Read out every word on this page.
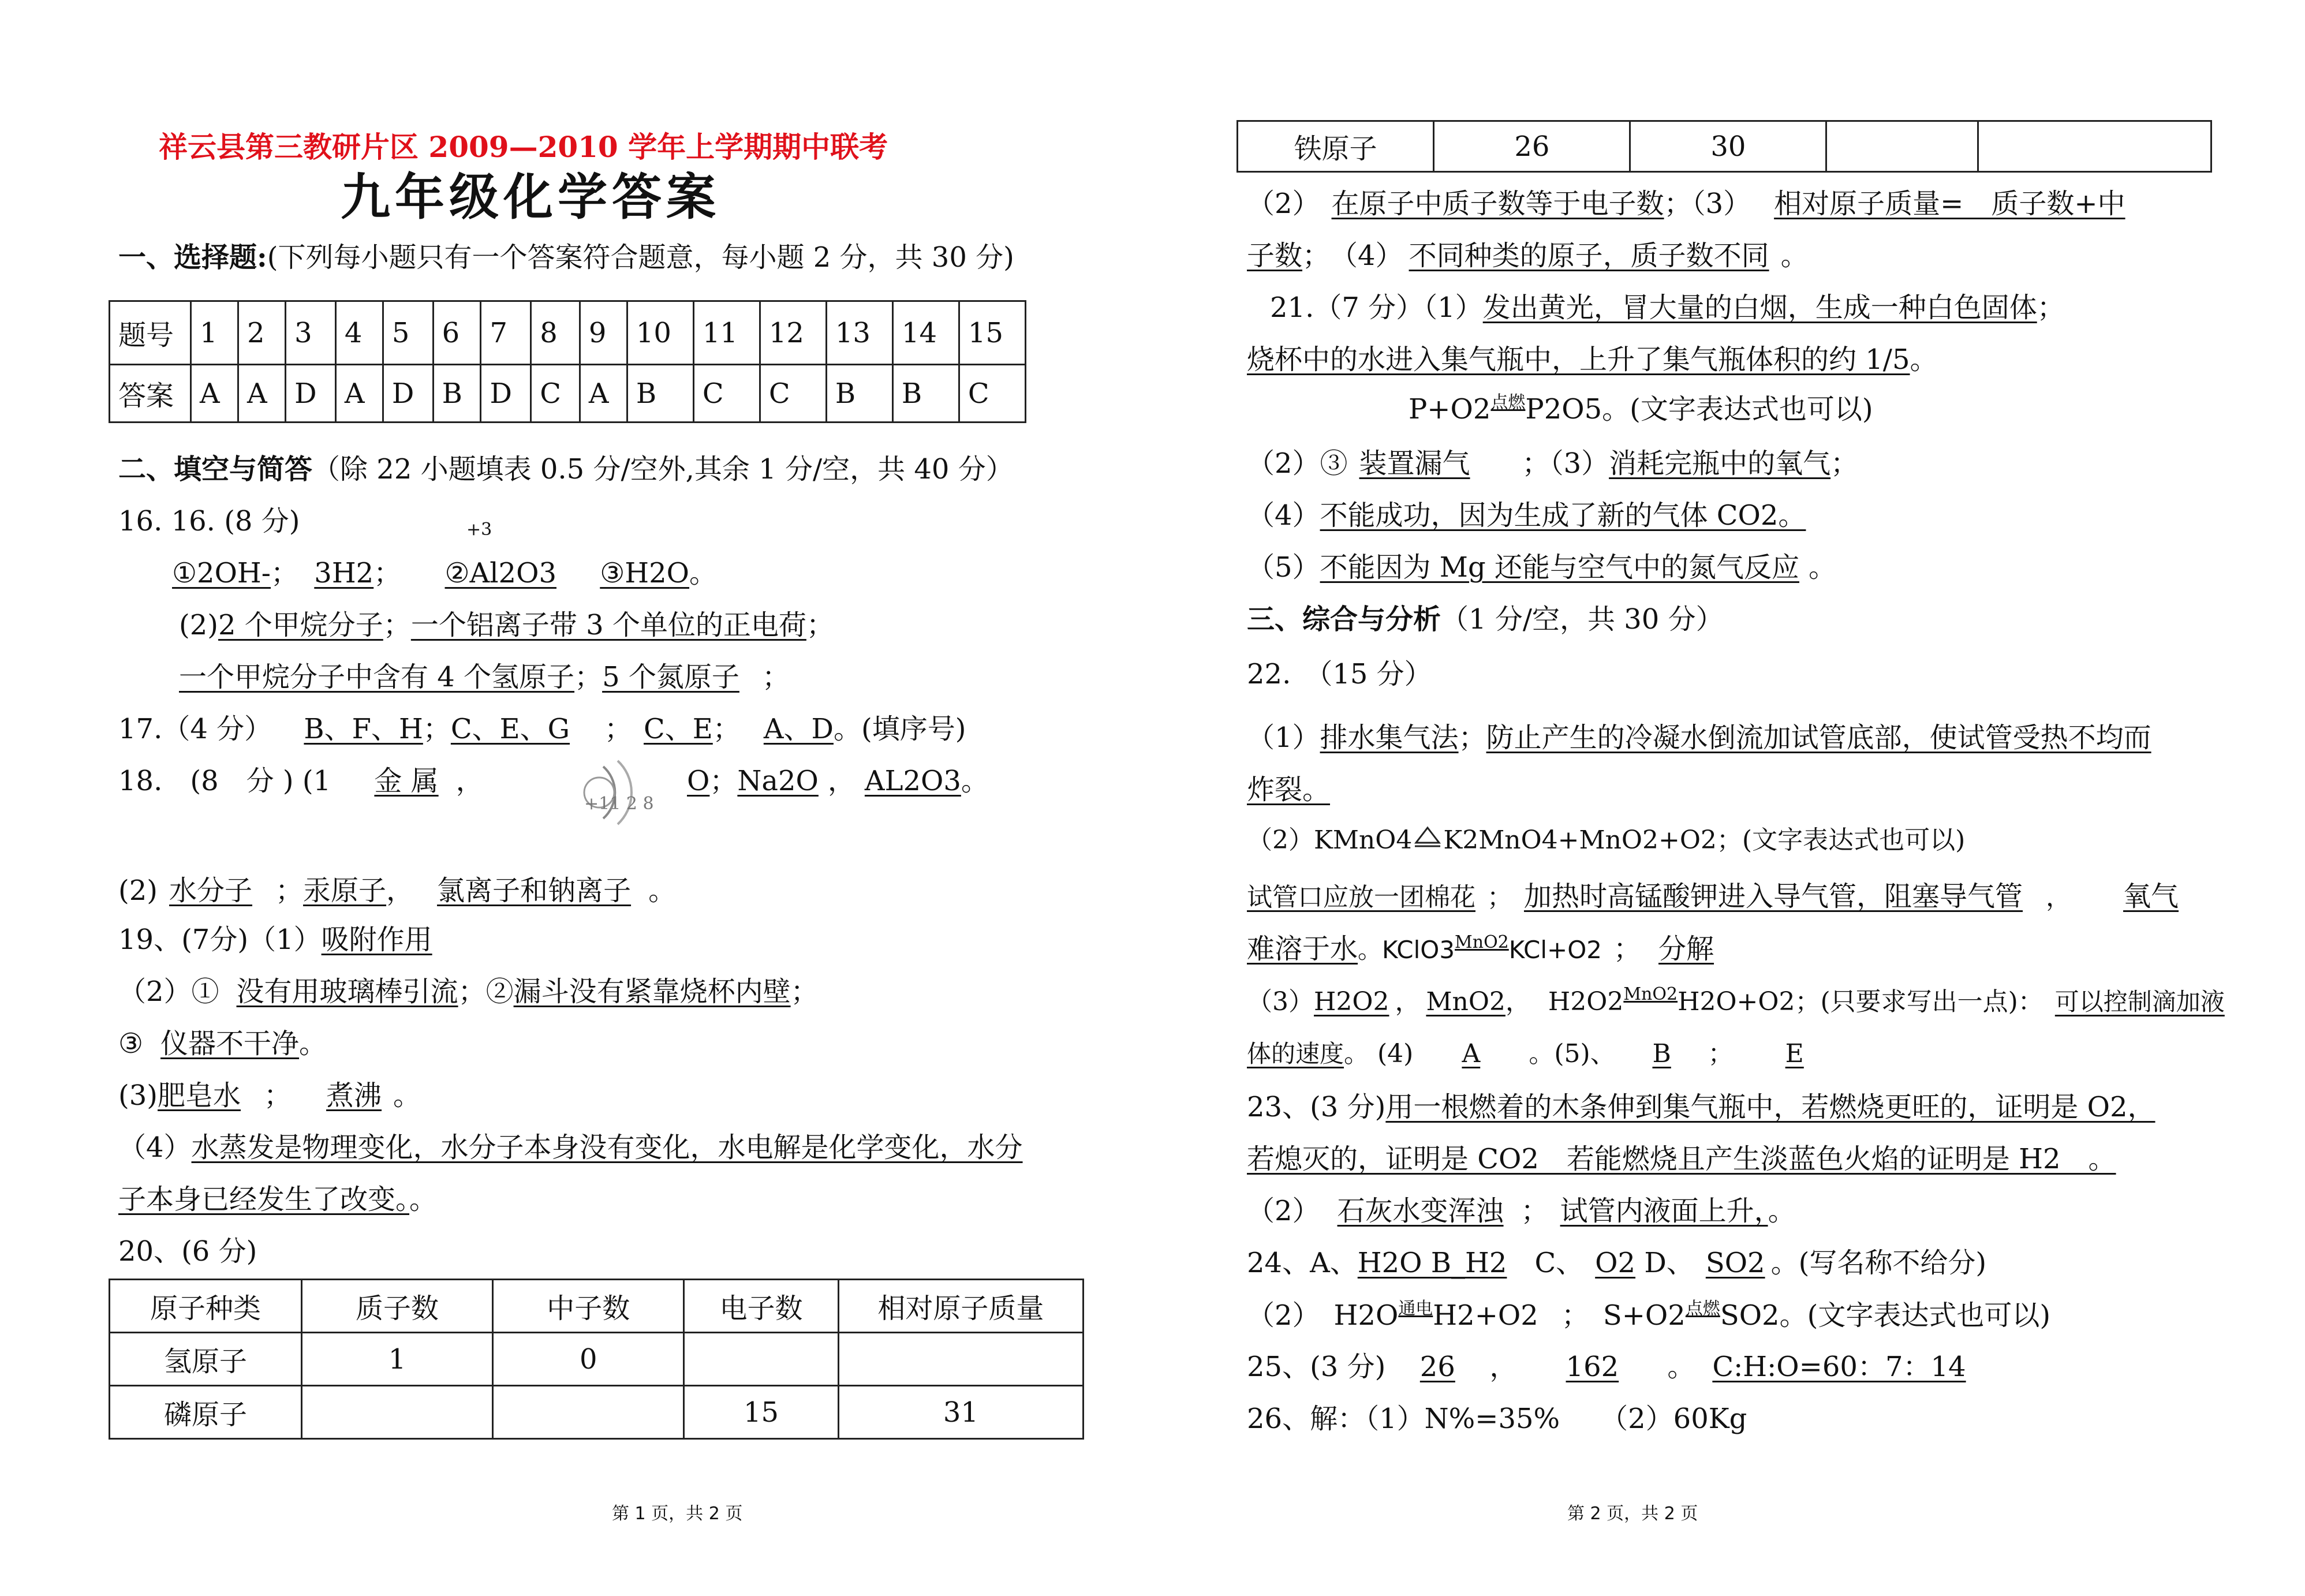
祥云县第三教研片区 2009—2010 学年上学期期中联考
九年级化学答案
一、选择题:(下列每小题只有一个答案符合题意，每小题 2 分，共 30 分)
题号	1	2	3	4	5	6	7	8	9	10	11	12	13	14	15
答案	A	A	D	A	D	B	D	C	A	B	C	C	B	B	C
二、填空与简答（除 22 小题填表 0.5 分/空外,其余 1 分/空，共 40 分）
16. 16. (8 分)	+3
①2OH-； 3H2； ②Al2O3 ③H2O。
(2)2 个甲烷分子；一个铝离子带 3 个单位的正电荷；
一个甲烷分子中含有 4 个氢原子；5 个氮原子 ；
17.（4 分） B、F、H；C、E、G ； C、E； A、D。(填序号)
18.　(8　分 ) (1 金 属 ，
+11 2 8
O；Na2O ， AL2O3。
(2) 水分子 ；汞原子， 氯离子和钠离子 。
19、(7分)（1）吸附作用
（2）① 没有用玻璃棒引流；②漏斗没有紧靠烧杯内壁；
③ 仪器不干净。
(3)肥皂水 ； 煮沸 。
（4）水蒸发是物理变化，水分子本身没有变化，水电解是化学变化，水分
子本身已经发生了改变。。
20、(6 分)
原子种类	质子数	中子数	电子数	相对原子质量
氢原子	1	0		
磷原子			15	31
第 1 页，共 2 页
铁原子	26	30		
（2） 在原子中质子数等于电子数；（3） 相对原子质量=　质子数+中
子数；　（4） 不同种类的原子，质子数不同 。
21.（7 分）（1）发出黄光，冒大量的白烟，生成一种白色固体；
烧杯中的水进入集气瓶中，上升了集气瓶体积的约 1/5。
P+O2点燃P2O5。(文字表达式也可以)
（2）③ 装置漏气 ；（3）消耗完瓶中的氧气；
（4）不能成功，因为生成了新的气体 CO2。
（5）不能因为 Mg 还能与空气中的氮气反应 。
三、综合与分析（1 分/空，共 30 分）
22.　（15 分）
（1）排水集气法；防止产生的冷凝水倒流加试管底部，使试管受热不均而
炸裂。
（2）KMnO4 K2MnO4+MnO2+O2；(文字表达式也可以)
试管口应放一团棉花 ； 加热时高锰酸钾进入导气管，阻塞导气管 ， 氧气
难溶于水。KClO3MnO2KCl+O2 ； 分解
（3）H2O2 ， MnO2， H2O2MnO2H2O+O2；(只要求写出一点)： 可以控制滴加液
体的速度。 (4) A 。(5)、 B ； E
23、(3 分)用一根燃着的木条伸到集气瓶中，若燃烧更旺的，证明是 O2，
若熄灭的，证明是 CO2　若能燃烧且产生淡蓝色火焰的证明是 H2　。
（2） 石灰水变浑浊 ； 试管内液面上升，。
24、A、H2O B_H2　C、 O2 D、 SO2 。(写名称不给分)
（2）　H2O通电H2+O2 ；　S+O2点燃SO2。(文字表达式也可以)
25、(3 分) 26 ， 162 。 C:H:O=60：7：14
26、解：（1）N%=35% （2）60Kg
第 2 页，共 2 页
